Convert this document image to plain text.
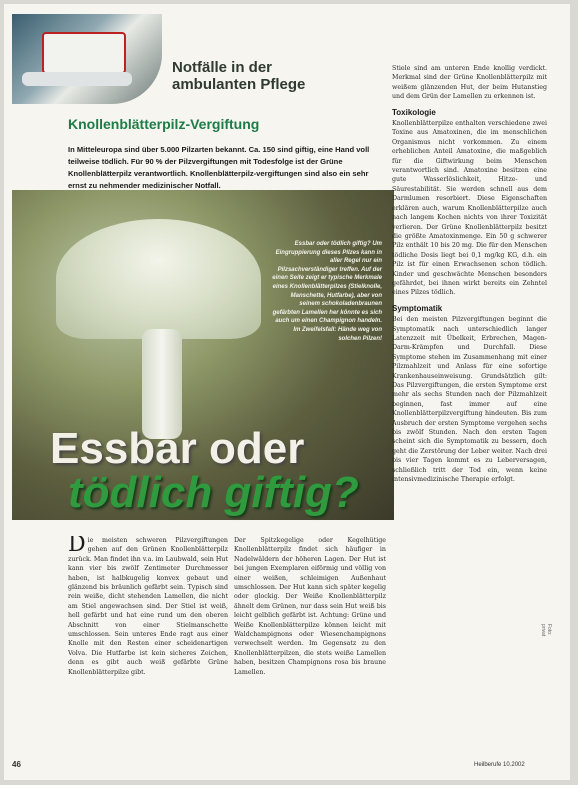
Notfälle in der
ambulanten Pflege
Knollenblätterpilz-Vergiftung
In Mitteleuropa sind über 5.000 Pilzarten bekannt. Ca. 150 sind giftig, eine Hand voll teilweise tödlich. Für 90 % der Pilzvergiftungen mit Todesfolge ist der Grüne Knollenblätterpilz verantwortlich. Knollenblätterpilz-vergiftungen sind also ein sehr ernst zu nehmender medizinischer Notfall.
Essbar oder tödlich giftig? Um Eingruppierung dieses Pilzes kann in aller Regel nur ein Pilzsachverständiger treffen. Auf der einen Seite zeigt er typische Merkmale eines Knollenblätterpilzes (Stielknolle, Manschette, Hutfarbe), aber von seinem schokoladenbraunen gefärbten Lamellen her könnte es sich auch um einen Champignon handeln. Im Zweifelsfall: Hände weg von solchen Pilzen!
Essbar oder
tödlich giftig?
D ie meisten schweren Pilzvergiftungen gehen auf den Grünen Knollenblätterpilz zurück. Man findet ihn v.a. im Laubwald, sein Hut kann vier bis zwölf Zentimeter Durchmesser haben, ist halbkugelig konvex gebaut und glänzend bis bräunlich gefärbt sein. Typisch sind rein weiße, dicht stehenden Lamellen, die nicht am Stiel angewachsen sind. Der Stiel ist weiß, hell gefärbt und hat eine rund um den oberen Abschnitt von einer Stielmanschette umschlossen. Sein unteres Ende ragt aus einer Knolle mit den Resten einer scheidenartigen Volva. Die Hutfarbe ist kein sicheres Zeichen, denn es gibt auch weiß gefärbte Grüne Knollenblätterpilze gibt.

Der Spitzkegelige oder Kegelhütige Knollenblätterpilz findet sich häufiger in Nadelwäldern der höheren Lagen. Der Hut ist bei jungen Exemplaren eiförmig und völlig von einer weißen, schleimigen Außenhaut umschlossen. Der Hut kann sich später kegelig oder glockig. Der Weiße Knollenblätterpilz ähnelt dem Grünen, nur dass sein Hut weiß bis leicht gelblich gefärbt ist. Achtung: Grüne und Weiße Knollenblätterpilze können leicht mit Waldchampignons oder Wiesenchampignons verwechselt werden. Im Gegensatz zu den Knollenblätterpilzen, die stets weiße Lamellen haben, besitzen Champignons rosa bis braune Lamellen.

Stiele sind am unteren Ende knollig verdickt. Merkmal sind der Grüne Knollenblätterpilz mit weißem glänzenden Hut, der beim Hutanstieg und dem Grün der Lamellen zu erkennen ist.

Toxikologie

Knollenblätterpilze enthalten verschiedene zwei Toxine aus Amatoxinen, die im menschlichen Organismus nicht vorkommen. Zu einem erheblichen Anteil Amatoxine, die maßgeblich für die Giftwirkung beim Menschen verantwortlich sind. Amatoxine besitzen eine gute Wasserlöslichkeit, Hitze- und Säurestabilität. Sie werden schnell aus dem Darmlumen resorbiert. Diese Eigenschaften erklären auch, warum Knollenblätterpilze auch nach langem Kochen nichts von ihrer Toxizität verlieren. Der Grüne Knollenblätterpilz besitzt die größte Amatoxinmenge. Ein 50 g schwerer Pilz enthält 10 bis 20 mg. Die für den Menschen tödliche Dosis liegt bei 0,1 mg/kg KG, d.h. ein Pilz ist für einen Erwachsenen schon tödlich. Kinder und geschwächte Menschen besonders gefährdet, bei ihnen wirkt bereits ein Zehntel eines Pilzes tödlich.

Symptomatik

Bei den meisten Pilzvergiftungen beginnt die Symptomatik nach unterschiedlich langer Latenzzeit mit Übelkeit, Erbrechen, Magen-Darm-Krämpfen und Durchfall. Diese Symptome stehen im Zusammenhang mit einer Pilzmahlzeit und Anlass für eine sofortige Krankenhauseinweisung. Grundsätzlich gilt: Das Pilzvergiftungen, die ersten Symptome erst mehr als sechs Stunden nach der Pilzmahlzeit beginnen, fast immer auf eine Knollenblätterpilzvergiftung hindeuten. Bis zum Ausbruch der ersten Symptome vergehen sechs bis zwölf Stunden. Nach den ersten Tagen scheint sich die Symptomatik zu bessern, doch geht die Zerstörung der Leber weiter. Nach drei bis vier Tagen kommt es zu Leberversagen, schließlich tritt der Tod ein, wenn keine intensivmedizinische Therapie erfolgt.

46	Heilberufe 10.2002
Foto: privat
